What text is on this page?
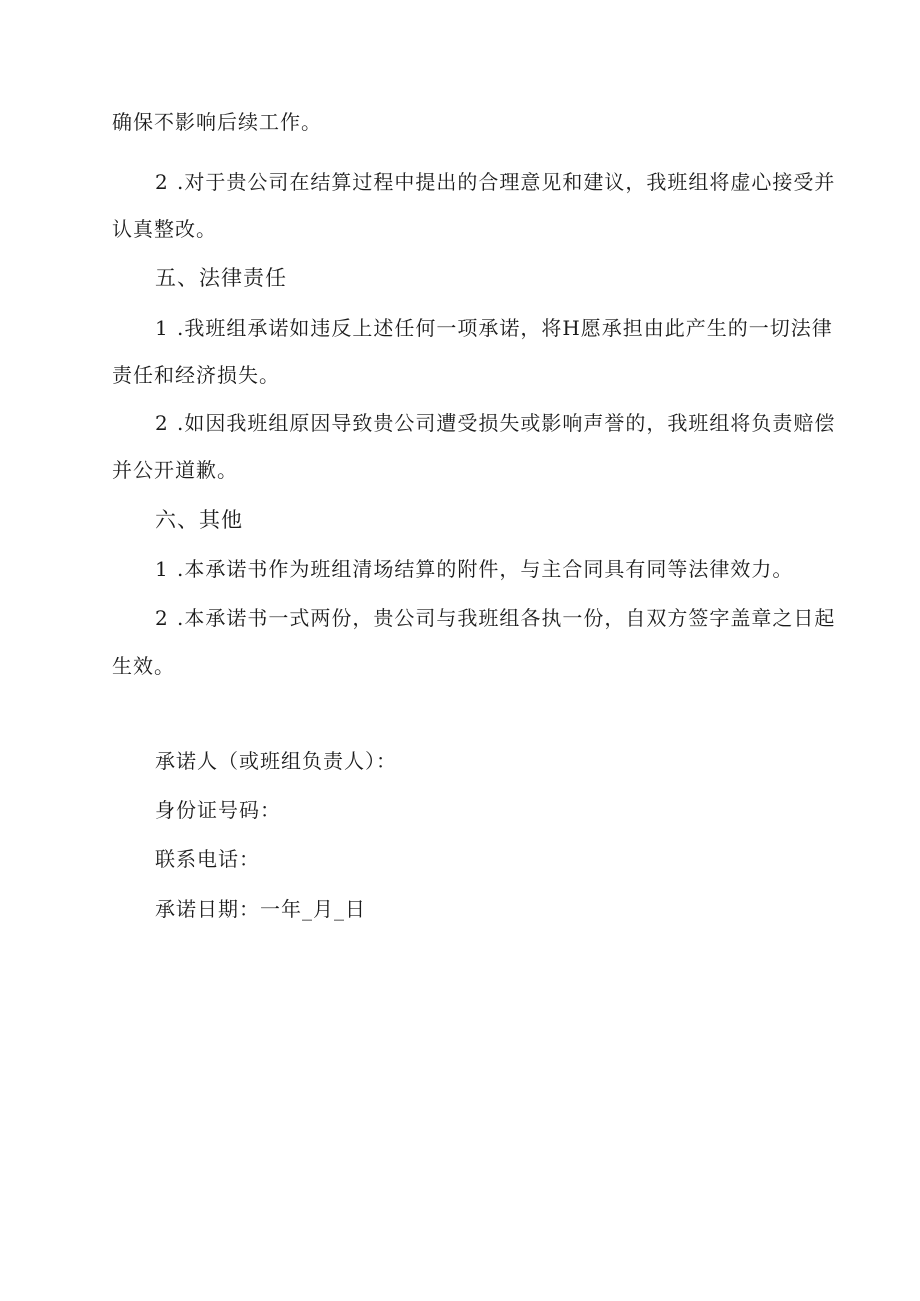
确保不影响后续工作。
2 .对于贵公司在结算过程中提出的合理意见和建议，我班组将虚心接受并
认真整改。
五、法律责任
1 .我班组承诺如违反上述任何一项承诺，将H愿承担由此产生的一切法律
责任和经济损失。
2 .如因我班组原因导致贵公司遭受损失或影响声誉的，我班组将负责赔偿
并公开道歉。
六、其他
1 .本承诺书作为班组清场结算的附件，与主合同具有同等法律效力。
2 .本承诺书一式两份，贵公司与我班组各执一份，自双方签字盖章之日起
生效。
承诺人（或班组负责人）：
身份证号码：
联系电话：
承诺日期：一年_月_日
